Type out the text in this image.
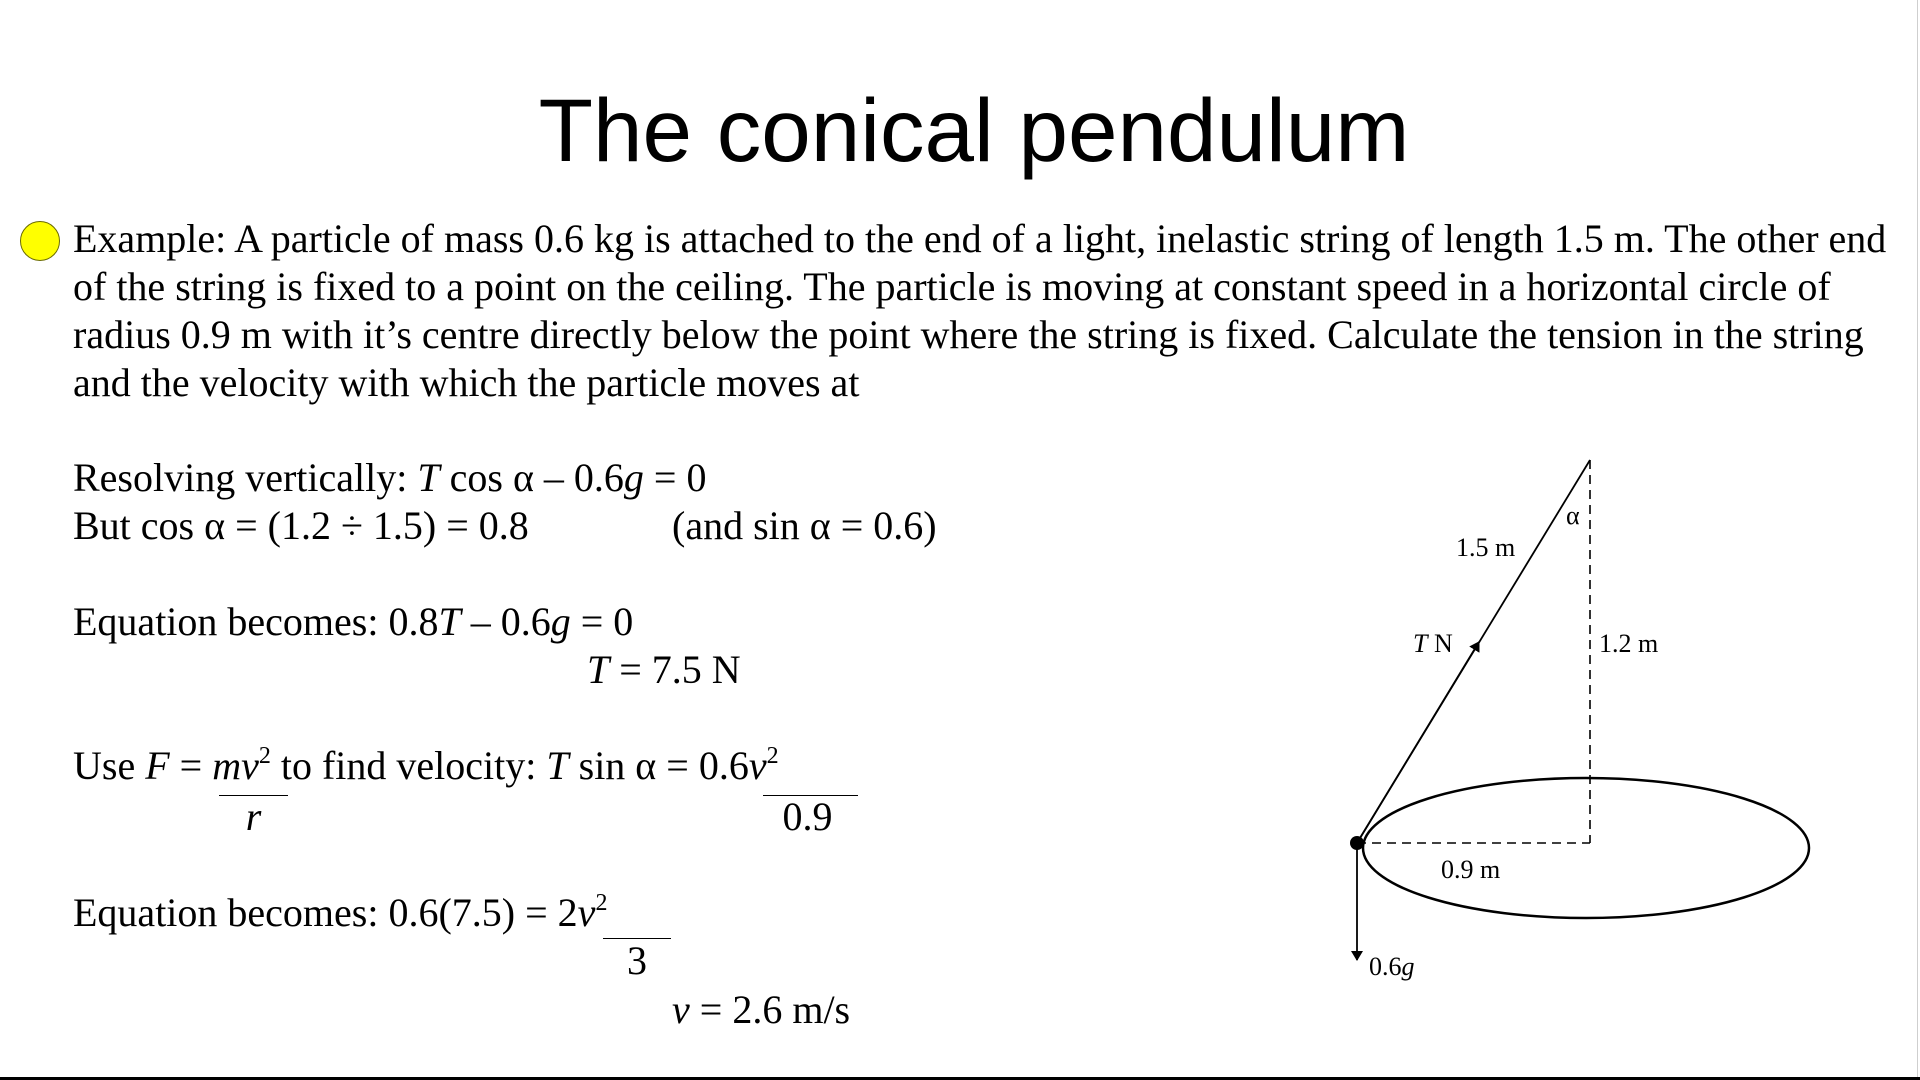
The conical pendulum

Example: A particle of mass 0.6 kg is attached to the end of a light, inelastic string of length 1.5 m. The other end of the string is fixed to a point on the ceiling. The particle is moving at constant speed in a horizontal circle of radius 0.9 m with it’s centre directly below the point where the string is fixed. Calculate the tension in the string and the velocity with which the particle moves at

Resolving vertically: T cos α – 0.6g = 0
But cos α = (1.2 ÷ 1.5) = 0.8	(and sin α = 0.6)
Equation becomes: 0.8T – 0.6g = 0
T = 7.5 N
Use $F = mv^2$ to find velocity: T $\sin \alpha = 0.6v^2$
r	0.9
Equation becomes: $0.6(7.5) = 2v^2$
3
v = 2.6 m/s
1.5 m
α
1.2 m
T N
0.9 m
0.6g
